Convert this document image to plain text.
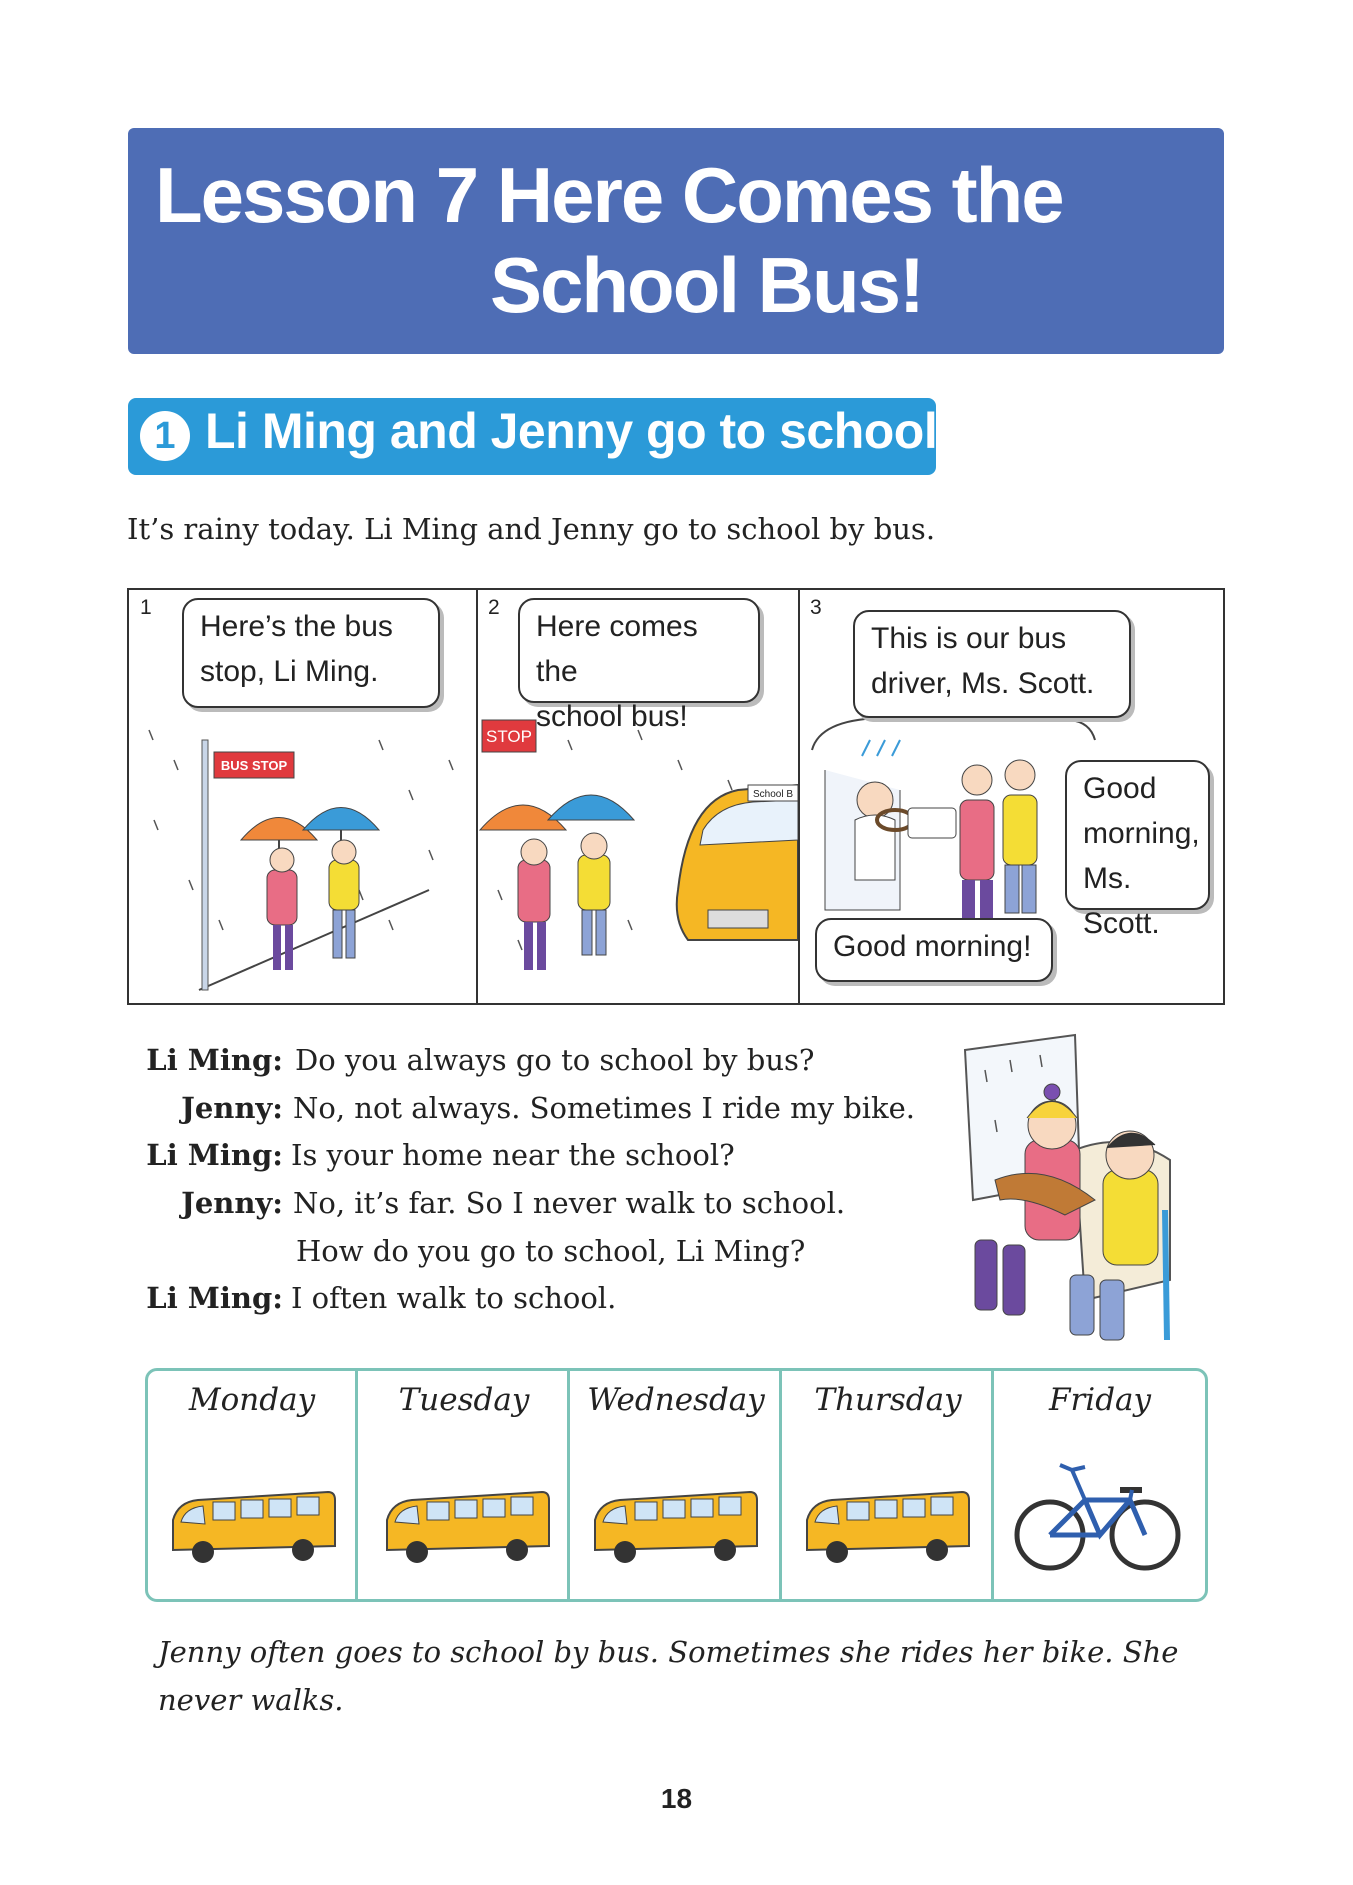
Lesson 7 Here Comes the
School Bus!
1 Li Ming and Jenny go to school
It’s rainy today. Li Ming and Jenny go to school by bus.
1
BUS STOP
Here’s the bus
stop, Li Ming.
2
STOP
School B
Here comes the
school bus!
3
This is our bus
driver, Ms. Scott.
Good
morning,
Ms. Scott.
Good morning!
Li Ming: Do you always go to school by bus?
Jenny: No, not always. Sometimes I ride my bike.
Li Ming: Is your home near the school?
Jenny: No, it’s far. So I never walk to school.
How do you go to school, Li Ming?
Li Ming: I often walk to school.
Monday	Tuesday	Wednesday	Thursday	Friday
Jenny often goes to school by bus. Sometimes she rides her bike. She never walks.
18
